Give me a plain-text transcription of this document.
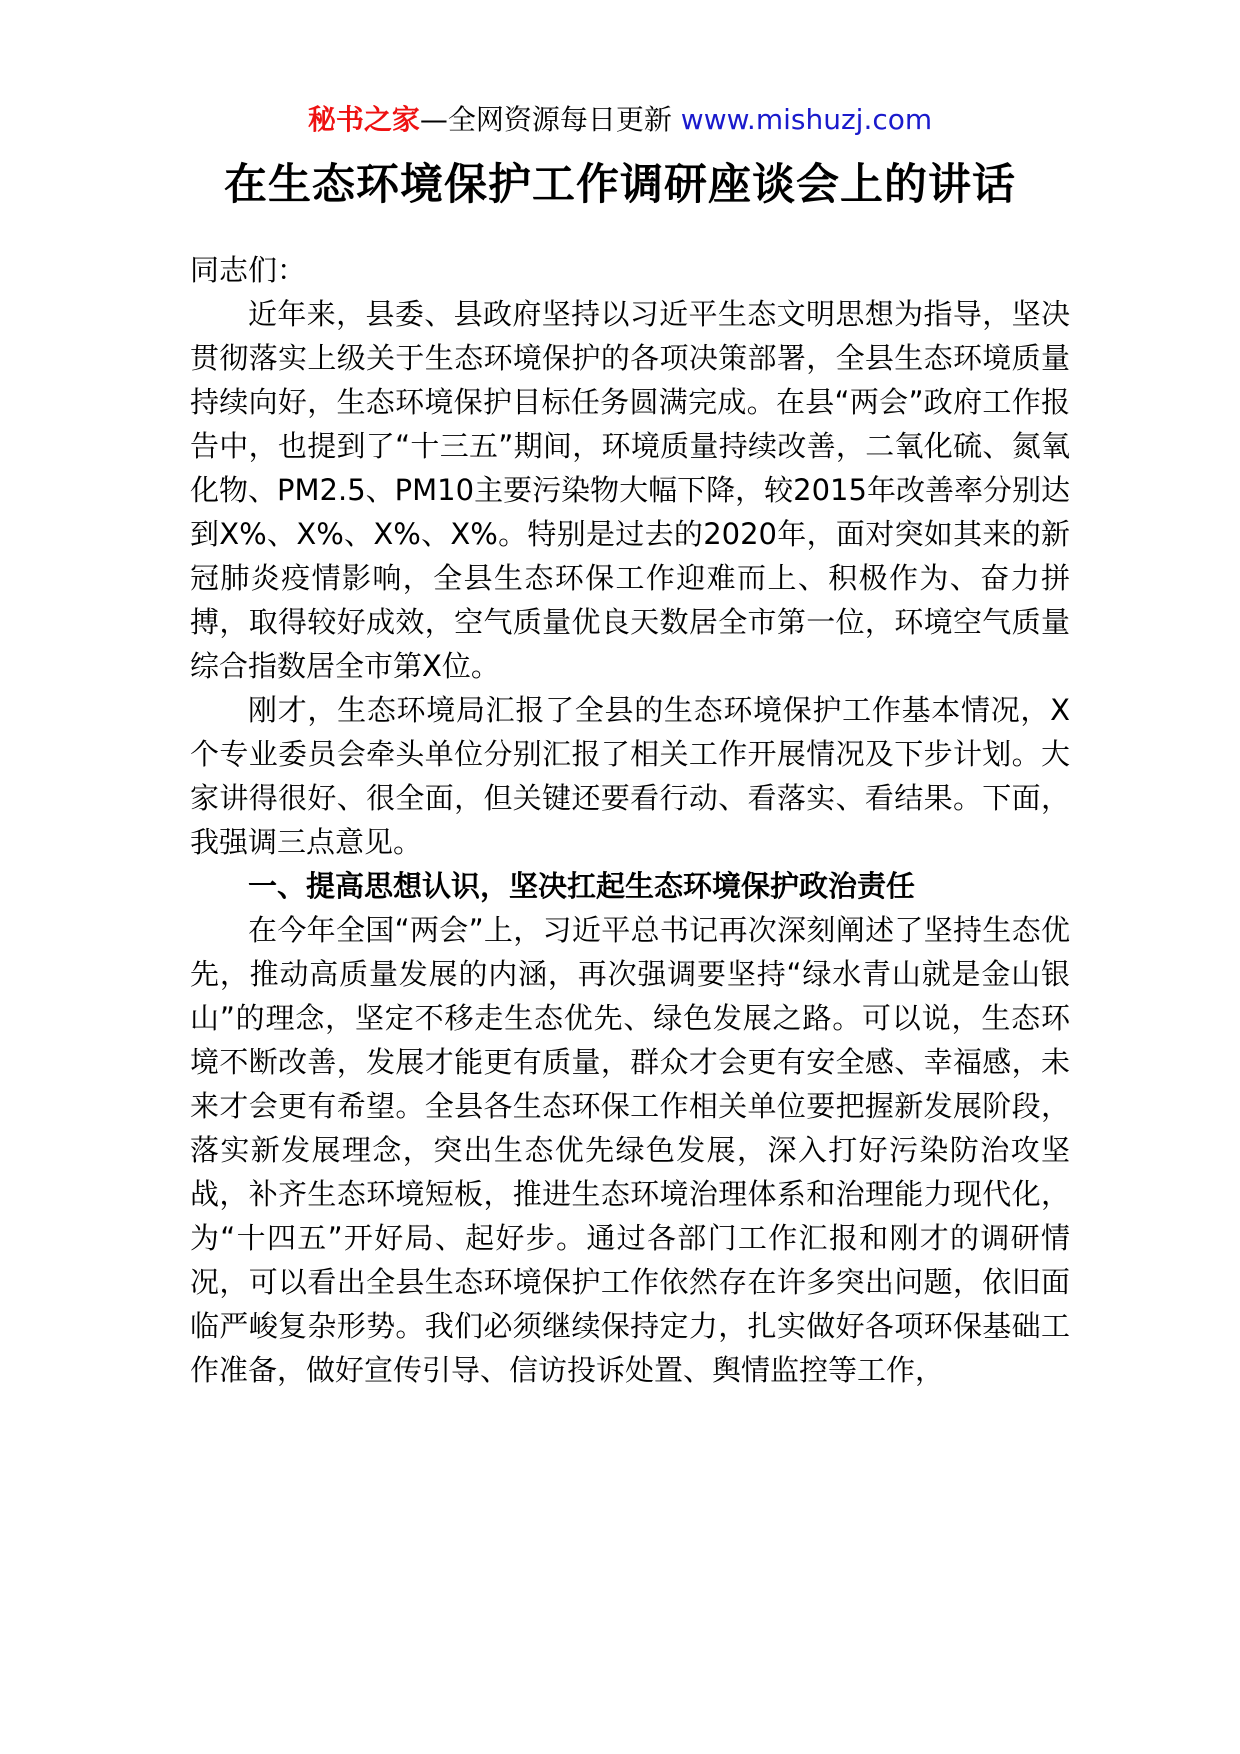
秘书之家—全网资源每日更新 www.mishuzj.com
在生态环境保护工作调研座谈会上的讲话

同志们：

近年来，县委、县政府坚持以习近平生态文明思想为指导，坚决贯彻落实上级关于生态环境保护的各项决策部署，全县生态环境质量持续向好，生态环境保护目标任务圆满完成。在县“两会”政府工作报告中，也提到了“十三五”期间，环境质量持续改善，二氧化硫、氮氧化物、PM2.5、PM10主要污染物大幅下降，较2015年改善率分别达到X%、X%、X%、X%。特别是过去的2020年，面对突如其来的新冠肺炎疫情影响，全县生态环保工作迎难而上、积极作为、奋力拼搏，取得较好成效，空气质量优良天数居全市第一位，环境空气质量综合指数居全市第X位。

刚才，生态环境局汇报了全县的生态环境保护工作基本情况，X个专业委员会牵头单位分别汇报了相关工作开展情况及下步计划。大家讲得很好、很全面，但关键还要看行动、看落实、看结果。下面，我强调三点意见。

一、提高思想认识，坚决扛起生态环境保护政治责任

在今年全国“两会”上，习近平总书记再次深刻阐述了坚持生态优先，推动高质量发展的内涵，再次强调要坚持“绿水青山就是金山银山”的理念，坚定不移走生态优先、绿色发展之路。可以说，生态环境不断改善，发展才能更有质量，群众才会更有安全感、幸福感，未来才会更有希望。全县各生态环保工作相关单位要把握新发展阶段，落实新发展理念，突出生态优先绿色发展，深入打好污染防治攻坚战，补齐生态环境短板，推进生态环境治理体系和治理能力现代化，为“十四五”开好局、起好步。通过各部门工作汇报和刚才的调研情况，可以看出全县生态环境保护工作依然存在许多突出问题，依旧面临严峻复杂形势。我们必须继续保持定力，扎实做好各项环保基础工作准备，做好宣传引导、信访投诉处置、舆情监控等工作，
